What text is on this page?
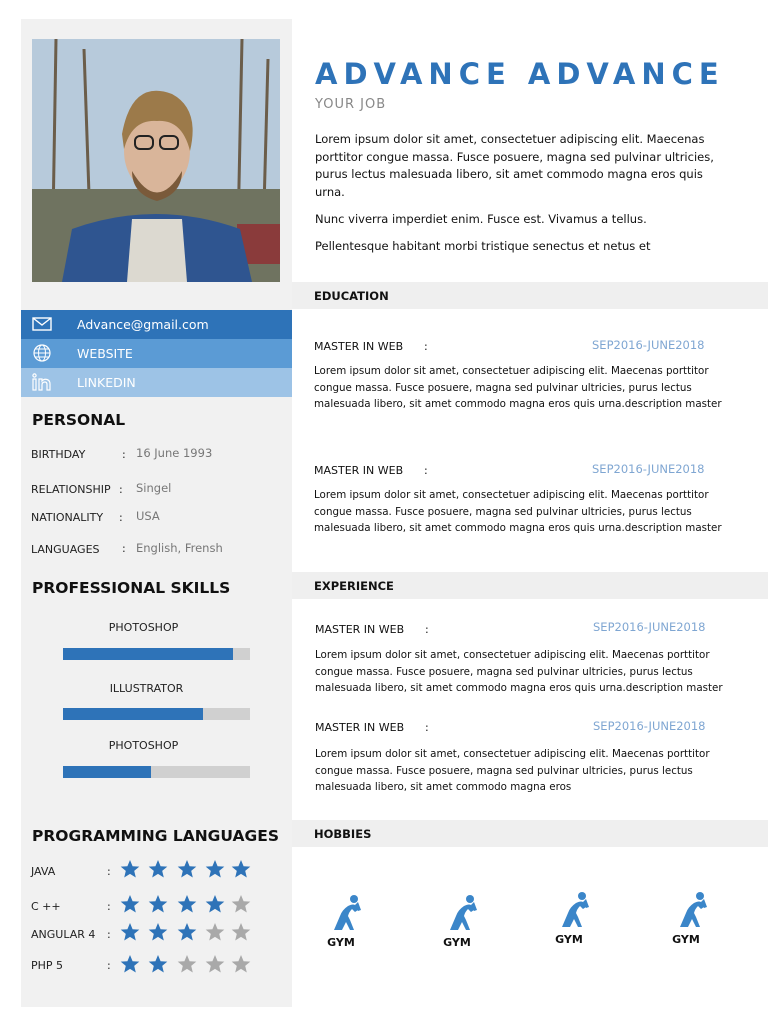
Advance@gmail.com
WEBSITE
LINKEDIN
PERSONAL
BIRTHDAY	: 16 June 1993
RELATIONSHIP : Singel
NATIONALITY : USA
LANGUAGES : English, Frensh
PROFESSIONAL SKILLS
PHOTOSHOP
ILLUSTRATOR
PHOTOSHOP
PROGRAMMING LANGUAGES
JAVA	:
C ++	:
ANGULAR 4 :
PHP 5	:
ADVANCE ADVANCE
YOUR JOB
Lorem ipsum dolor sit amet, consectetuer adipiscing elit. Maecenas porttitor congue massa. Fusce posuere, magna sed pulvinar ultricies, purus lectus malesuada libero, sit amet commodo magna eros quis urna.
Nunc viverra imperdiet enim. Fusce est. Vivamus a tellus.
Pellentesque habitant morbi tristique senectus et netus et
EDUCATION
MASTER IN WEB :	SEP2016-JUNE2018
Lorem ipsum dolor sit amet, consectetuer adipiscing elit. Maecenas porttitor congue massa. Fusce posuere, magna sed pulvinar ultricies, purus lectus malesuada libero, sit amet commodo magna eros quis urna.description master
MASTER IN WEB :	SEP2016-JUNE2018
Lorem ipsum dolor sit amet, consectetuer adipiscing elit. Maecenas porttitor congue massa. Fusce posuere, magna sed pulvinar ultricies, purus lectus malesuada libero, sit amet commodo magna eros quis urna.description master
EXPERIENCE
MASTER IN WEB :	SEP2016-JUNE2018
Lorem ipsum dolor sit amet, consectetuer adipiscing elit. Maecenas porttitor congue massa. Fusce posuere, magna sed pulvinar ultricies, purus lectus malesuada libero, sit amet commodo magna eros quis urna.description master
MASTER IN WEB :	SEP2016-JUNE2018
Lorem ipsum dolor sit amet, consectetuer adipiscing elit. Maecenas porttitor congue massa. Fusce posuere, magna sed pulvinar ultricies, purus lectus malesuada libero, sit amet commodo magna eros
HOBBIES
GYM	GYM	GYM	GYM
